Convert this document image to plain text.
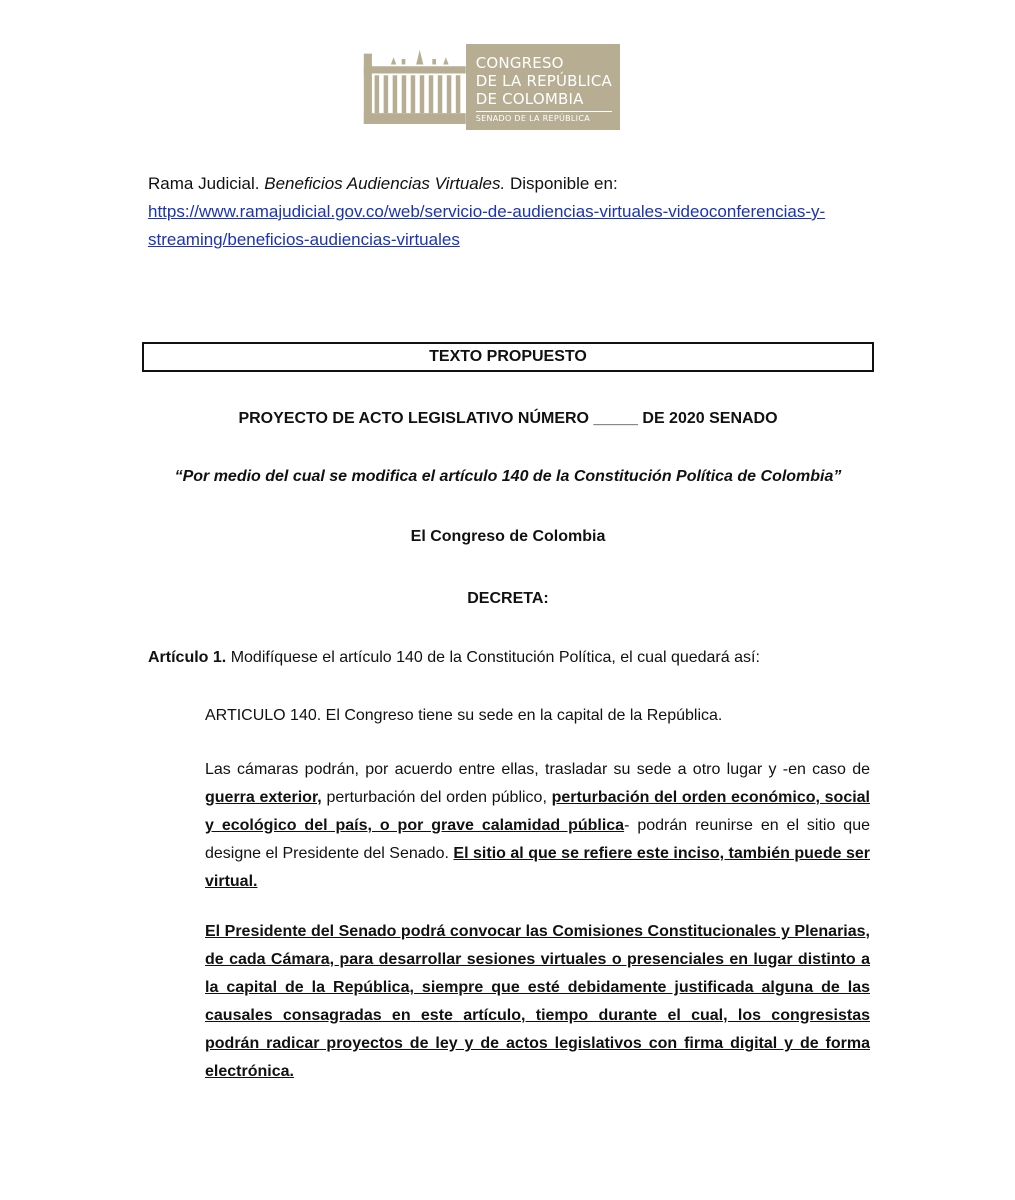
CONGRESO
DE LA REPÚBLICA
DE COLOMBIA
SENADO DE LA REPÚBLICA
Rama Judicial. Beneficios Audiencias Virtuales. Disponible en:
https://www.ramajudicial.gov.co/web/servicio-de-audiencias-virtuales-videoconferencias-y-streaming/beneficios-audiencias-virtuales
TEXTO PROPUESTO
PROYECTO DE ACTO LEGISLATIVO NÚMERO _____ DE 2020 SENADO
“Por medio del cual se modifica el artículo 140 de la Constitución Política de Colombia”
El Congreso de Colombia
DECRETA:
Artículo 1. Modifíquese el artículo 140 de la Constitución Política, el cual quedará así:
ARTICULO 140. El Congreso tiene su sede en la capital de la República.
Las cámaras podrán, por acuerdo entre ellas, trasladar su sede a otro lugar y -en caso de guerra exterior, perturbación del orden público, perturbación del orden económico, social y ecológico del país, o por grave calamidad pública- podrán reunirse en el sitio que designe el Presidente del Senado. El sitio al que se refiere este inciso, también puede ser virtual.
El Presidente del Senado podrá convocar las Comisiones Constitucionales y Plenarias, de cada Cámara, para desarrollar sesiones virtuales o presenciales en lugar distinto a la capital de la República, siempre que esté debidamente justificada alguna de las causales consagradas en este artículo, tiempo durante el cual, los congresistas podrán radicar proyectos de ley y de actos legislativos con firma digital y de forma electrónica.
